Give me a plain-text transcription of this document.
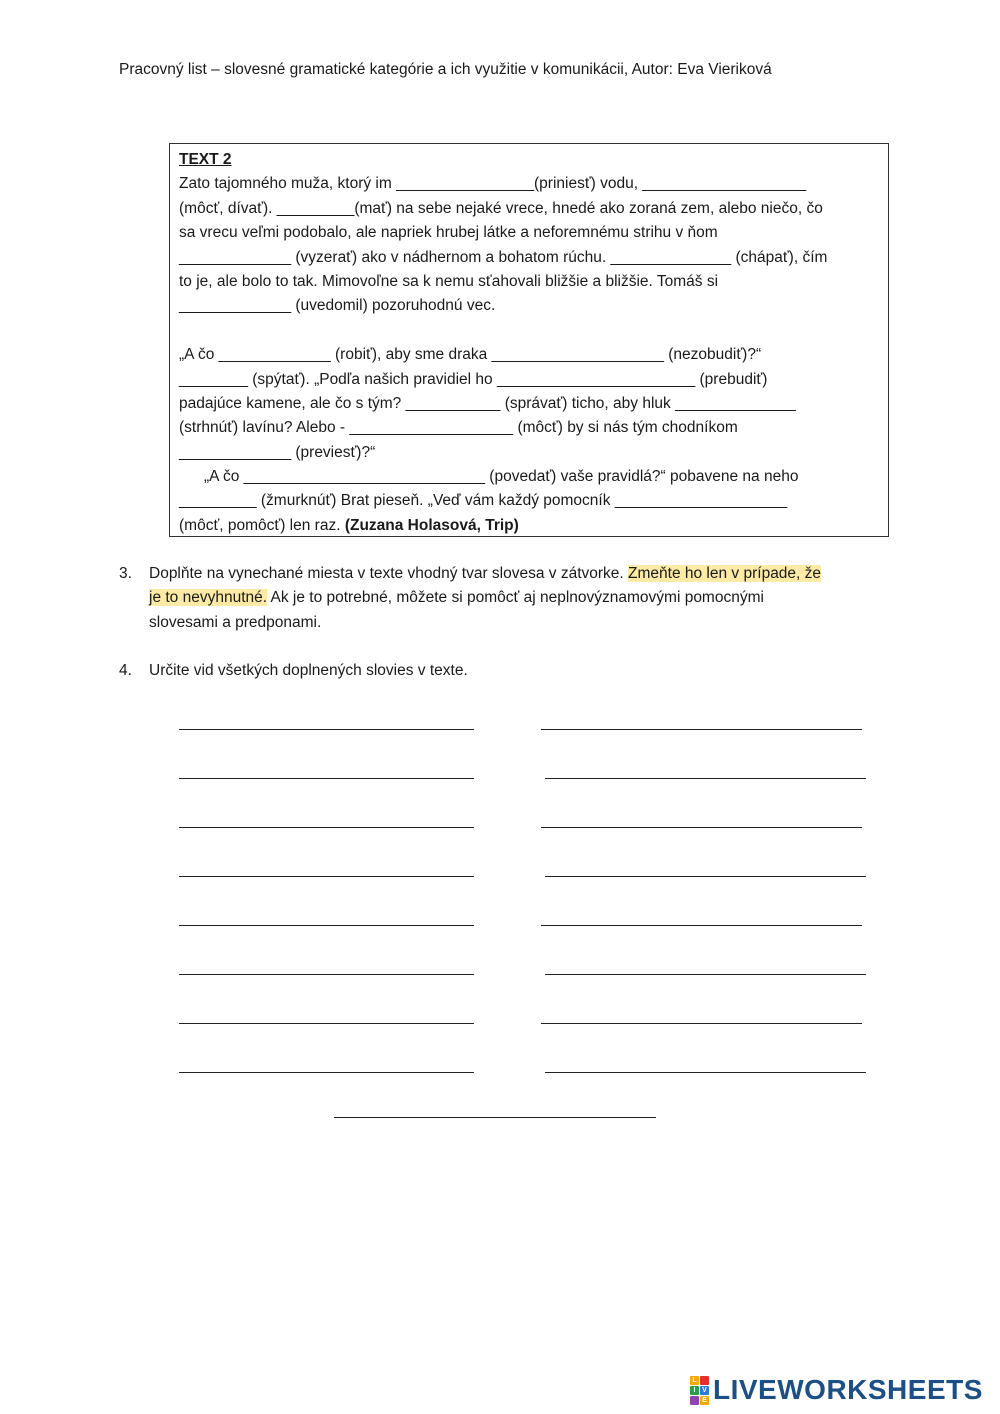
Pracovný list – slovesné gramatické kategórie a ich využitie v komunikácii, Autor: Eva Vieriková
TEXT 2
Zato tajomného muža, ktorý im ________________(priniesť) vodu, ___________________
(môcť, dívať). _________(mať) na sebe nejaké vrece, hnedé ako zoraná zem, alebo niečo, čo
sa vrecu veľmi podobalo, ale napriek hrubej látke a neforemnému strihu v ňom
_____________ (vyzerať) ako v nádhernom a bohatom rúchu. ______________ (chápať), čím
to je, ale bolo to tak. Mimovoľne sa k nemu sťahovali bližšie a bližšie. Tomáš si
_____________ (uvedomil) pozoruhodnú vec.
„A čo _____________ (robiť), aby sme draka ____________________ (nezobudiť)?“
________ (spýtať). „Podľa našich pravidiel ho _______________________ (prebudiť)
padajúce kamene, ale čo s tým? ___________ (správať) ticho, aby hluk ______________
(strhnúť) lavínu? Alebo - ___________________ (môcť) by si nás tým chodníkom
_____________ (previesť)?“
„A čo ____________________________ (povedať) vaše pravidlá?“ pobavene na neho
_________ (žmurknúť) Brat pieseň. „Veď vám každý pomocník ____________________
(môcť, pomôcť) len raz. (Zuzana Holasová, Trip)
3. Doplňte na vynechané miesta v texte vhodný tvar slovesa v zátvorke. Zmeňte ho len v prípade, že
je to nevyhnutné. Ak je to potrebné, môžete si pomôcť aj neplnovýznamovými pomocnými
slovesami a predponami.
4. Určite vid všetkých doplnených slovies v texte.
L
I V
E LIVEWORKSHEETS
